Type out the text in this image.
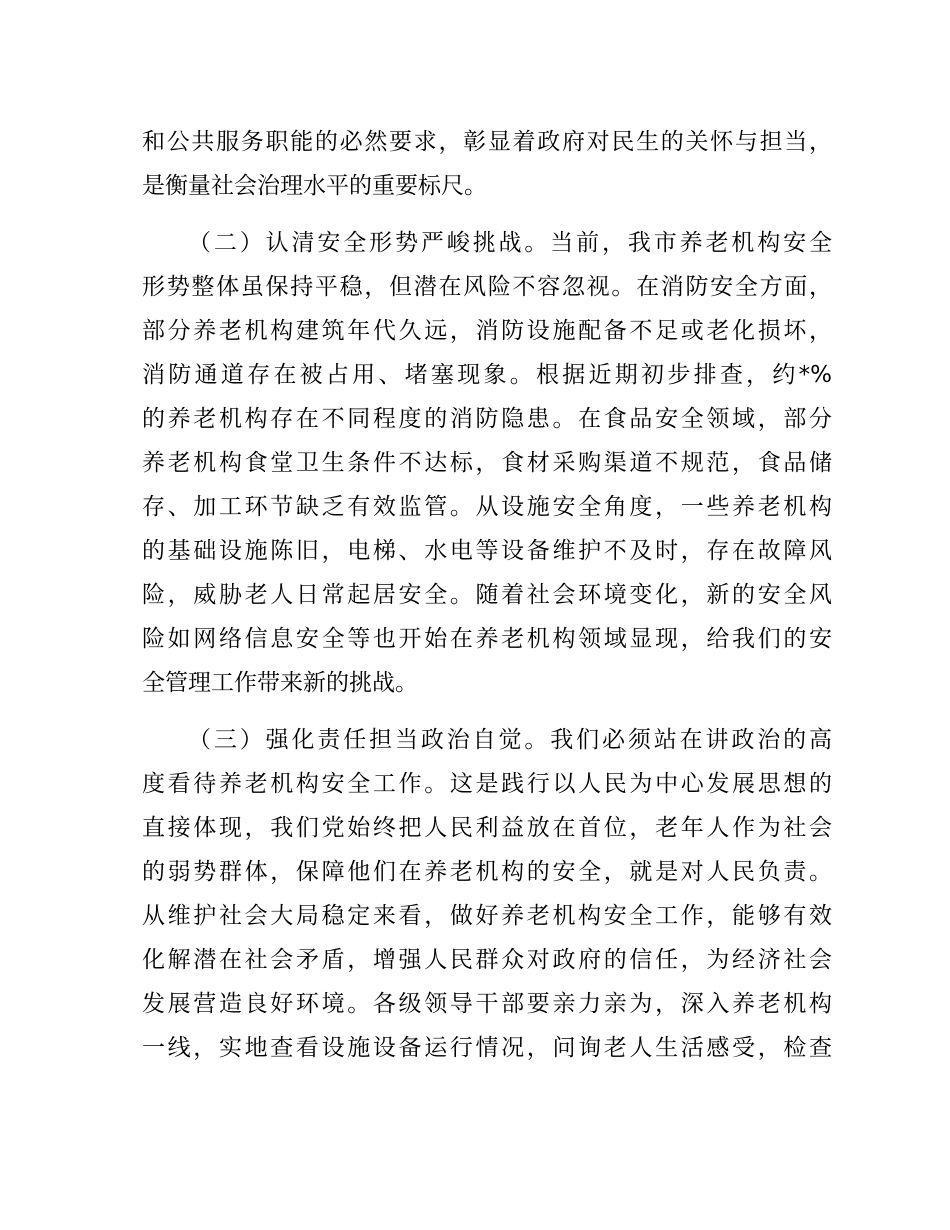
和公共服务职能的必然要求，彰显着政府对民生的关怀与担当，
是衡量社会治理水平的重要标尺。
（二）认清安全形势严峻挑战。当前，我市养老机构安全
形势整体虽保持平稳，但潜在风险不容忽视。在消防安全方面，
部分养老机构建筑年代久远，消防设施配备不足或老化损坏，
消防通道存在被占用、堵塞现象。根据近期初步排查，约*%
的养老机构存在不同程度的消防隐患。在食品安全领域，部分
养老机构食堂卫生条件不达标，食材采购渠道不规范，食品储
存、加工环节缺乏有效监管。从设施安全角度，一些养老机构
的基础设施陈旧，电梯、水电等设备维护不及时，存在故障风
险，威胁老人日常起居安全。随着社会环境变化，新的安全风
险如网络信息安全等也开始在养老机构领域显现，给我们的安
全管理工作带来新的挑战。
（三）强化责任担当政治自觉。我们必须站在讲政治的高
度看待养老机构安全工作。这是践行以人民为中心发展思想的
直接体现，我们党始终把人民利益放在首位，老年人作为社会
的弱势群体，保障他们在养老机构的安全，就是对人民负责。
从维护社会大局稳定来看，做好养老机构安全工作，能够有效
化解潜在社会矛盾，增强人民群众对政府的信任，为经济社会
发展营造良好环境。各级领导干部要亲力亲为，深入养老机构
一线，实地查看设施设备运行情况，问询老人生活感受，检查
